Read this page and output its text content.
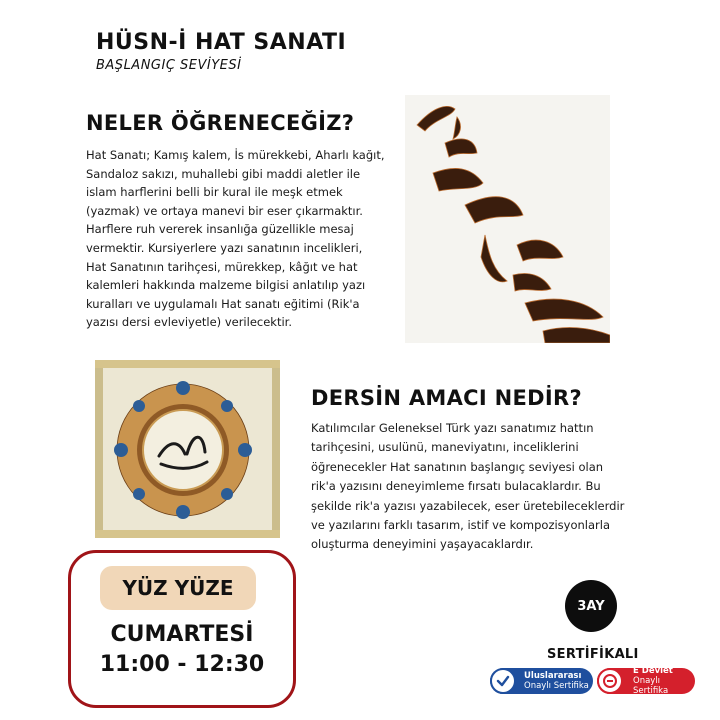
HÜSN-İ HAT SANATI
BAŞLANGIÇ SEVİYESİ
NELER ÖĞRENECEĞİZ?
Hat Sanatı; Kamış kalem, İs mürekkebi, Aharlı kağıt,
Sandaloz sakızı, muhallebi gibi maddi aletler ile
islam harflerini belli bir kural ile meşk etmek
(yazmak) ve ortaya manevi bir eser çıkarmaktır.
Harflere ruh vererek insanlığa güzellikle mesaj
vermektir. Kursiyerlere yazı sanatının incelikleri,
Hat Sanatının tarihçesi, mürekkep, kâğıt ve hat
kalemleri hakkında malzeme bilgisi anlatılıp yazı
kuralları ve uygulamalı Hat sanatı eğitimi (Rik'a
yazısı dersi evleviyetle) verilecektir.
DERSİN AMACI NEDİR?
Katılımcılar Geleneksel Türk yazı sanatımız hattın
tarihçesini, usulünü, maneviyatını, inceliklerini
öğrenecekler Hat sanatının başlangıç seviyesi olan
rik'a yazısını deneyimleme fırsatı bulacaklardır. Bu
şekilde rik'a yazısı yazabilecek, eser üretebileceklerdir
ve yazılarını farklı tasarım, istif ve kompozisyonlarla
oluşturma deneyimini yaşayacaklardır.
YÜZ YÜZE
CUMARTESİ
11:00 - 12:30
3AY
SERTİFİKALI
Uluslararası
Onaylı Sertifika
E Devlet
Onaylı Sertifika
